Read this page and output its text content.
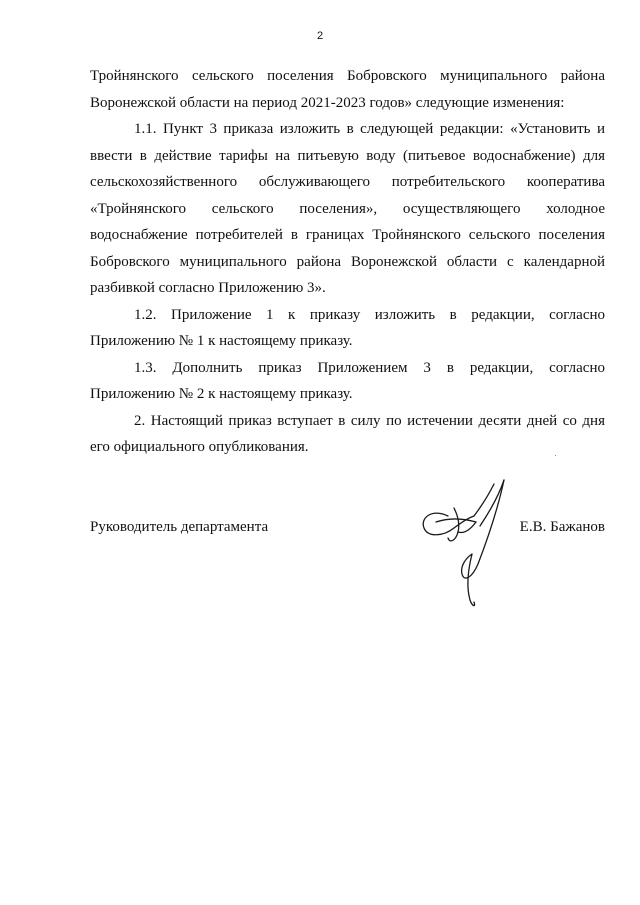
2

Тройнянского сельского поселения Бобровского муниципального района Воронежской области на период 2021-2023 годов» следующие изменения:

1.1. Пункт 3 приказа изложить в следующей редакции: «Установить и ввести в действие тарифы на питьевую воду (питьевое водоснабжение) для сельскохозяйственного обслуживающего потребительского кооператива «Тройнянского сельского поселения», осуществляющего холодное водоснабжение потребителей в границах Тройнянского сельского поселения Бобровского муниципального района Воронежской области с календарной разбивкой согласно Приложению 3».

1.2. Приложение 1 к приказу изложить в редакции, согласно Приложению № 1 к настоящему приказу.

1.3. Дополнить приказ Приложением 3 в редакции, согласно Приложению № 2 к настоящему приказу.

2. Настоящий приказ вступает в силу по истечении десяти дней со дня его официального опубликования.

Руководитель департамента	Е.В. Бажанов
